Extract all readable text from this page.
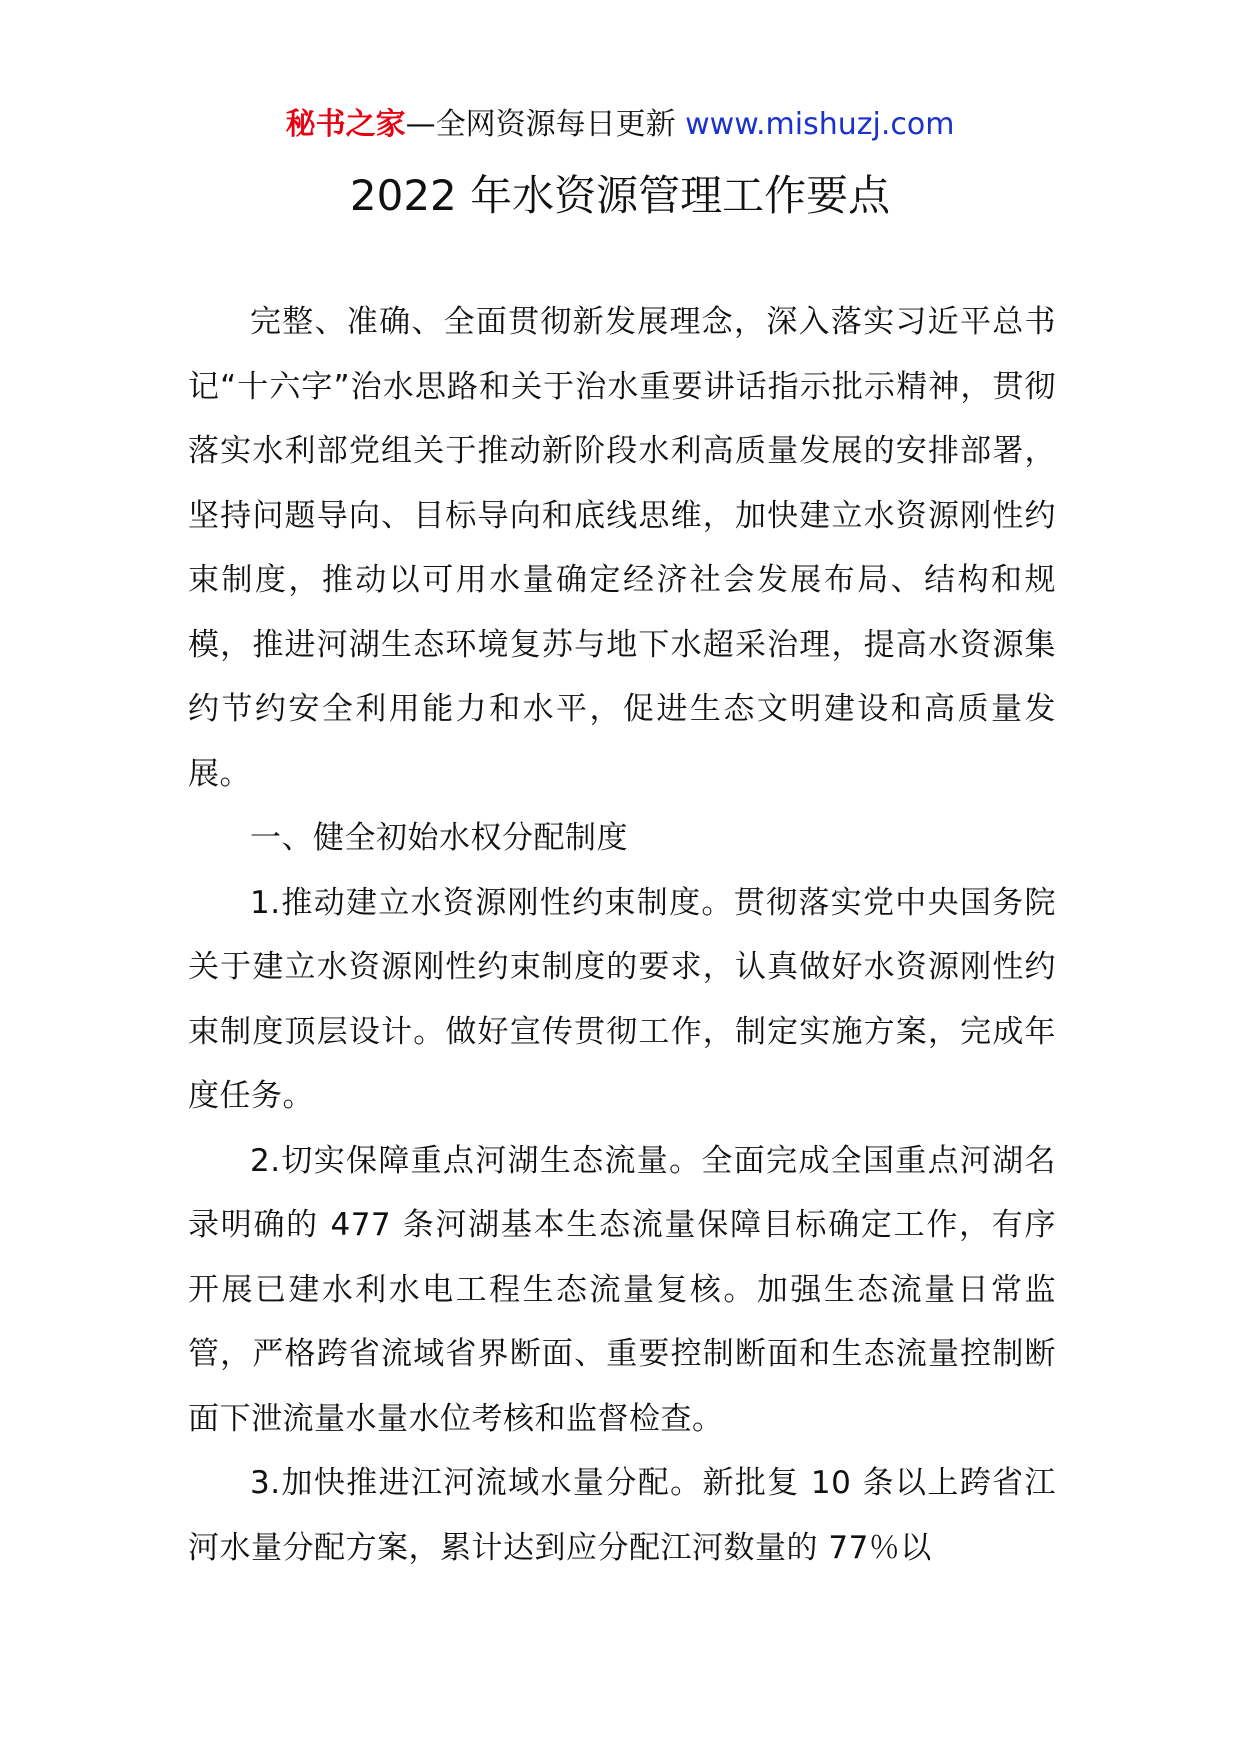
秘书之家—全网资源每日更新 www.mishuzj.com
2022 年水资源管理工作要点

完整、准确、全面贯彻新发展理念，深入落实习近平总书记“十六字”治水思路和关于治水重要讲话指示批示精神，贯彻落实水利部党组关于推动新阶段水利高质量发展的安排部署，坚持问题导向、目标导向和底线思维，加快建立水资源刚性约束制度，推动以可用水量确定经济社会发展布局、结构和规模，推进河湖生态环境复苏与地下水超采治理，提高水资源集约节约安全利用能力和水平，促进生态文明建设和高质量发展。

一、健全初始水权分配制度

1.推动建立水资源刚性约束制度。贯彻落实党中央国务院关于建立水资源刚性约束制度的要求，认真做好水资源刚性约束制度顶层设计。做好宣传贯彻工作，制定实施方案，完成年度任务。

2.切实保障重点河湖生态流量。全面完成全国重点河湖名录明确的 477 条河湖基本生态流量保障目标确定工作，有序开展已建水利水电工程生态流量复核。加强生态流量日常监管，严格跨省流域省界断面、重要控制断面和生态流量控制断面下泄流量水量水位考核和监督检查。

3.加快推进江河流域水量分配。新批复 10 条以上跨省江河水量分配方案，累计达到应分配江河数量的 77％以
